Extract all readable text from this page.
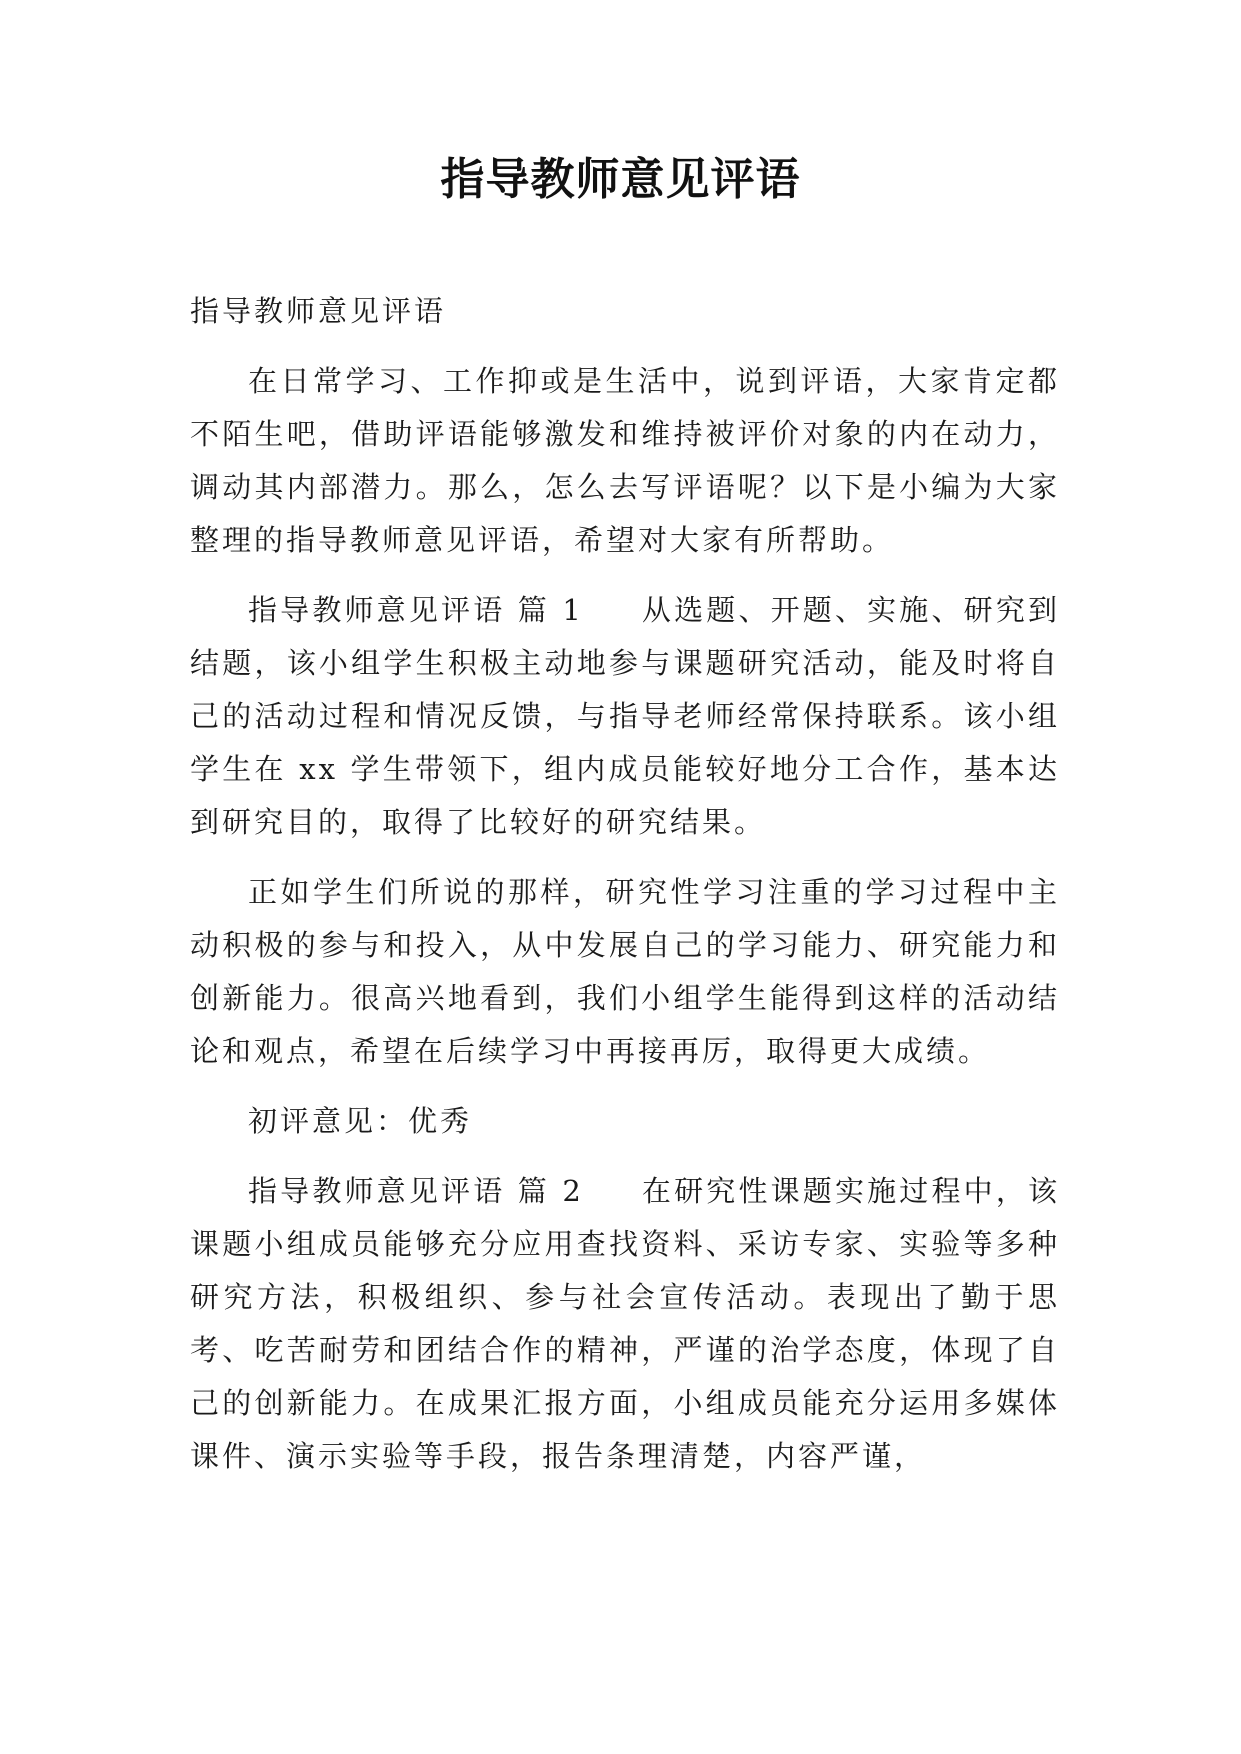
指导教师意见评语

指导教师意见评语

在日常学习、工作抑或是生活中，说到评语，大家肯定都不陌生吧，借助评语能够激发和维持被评价对象的内在动力，调动其内部潜力。那么，怎么去写评语呢？以下是小编为大家整理的指导教师意见评语，希望对大家有所帮助。

指导教师意见评语 篇 1 从选题、开题、实施、研究到结题，该小组学生积极主动地参与课题研究活动，能及时将自己的活动过程和情况反馈，与指导老师经常保持联系。该小组学生在 xx 学生带领下，组内成员能较好地分工合作，基本达到研究目的，取得了比较好的研究结果。

正如学生们所说的那样，研究性学习注重的学习过程中主动积极的参与和投入，从中发展自己的学习能力、研究能力和创新能力。很高兴地看到，我们小组学生能得到这样的活动结论和观点，希望在后续学习中再接再厉，取得更大成绩。

初评意见：优秀

指导教师意见评语 篇 2 在研究性课题实施过程中，该课题小组成员能够充分应用查找资料、采访专家、实验等多种研究方法，积极组织、参与社会宣传活动。表现出了勤于思考、吃苦耐劳和团结合作的精神，严谨的治学态度，体现了自己的创新能力。在成果汇报方面，小组成员能充分运用多媒体课件、演示实验等手段，报告条理清楚，内容严谨，
